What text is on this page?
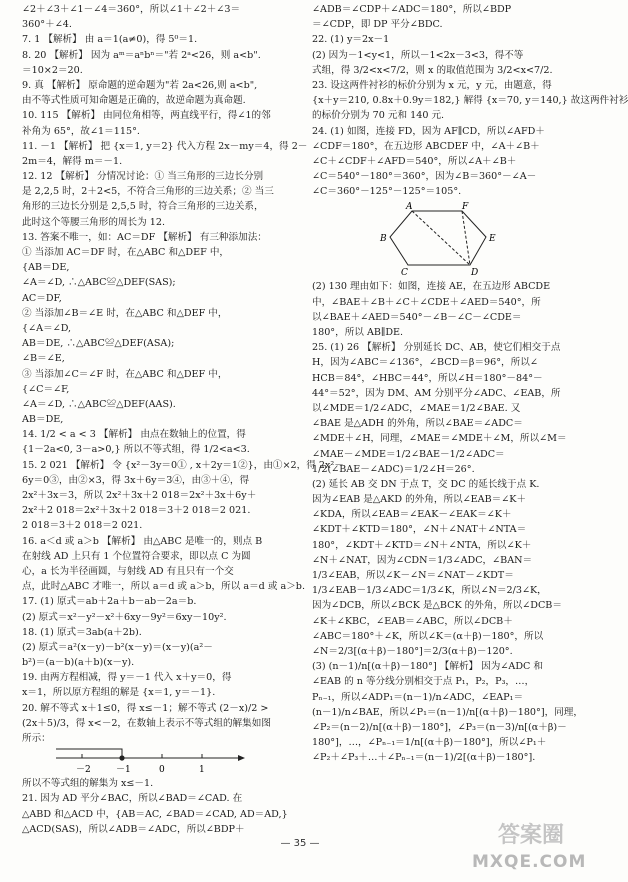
∠2＋∠3＋∠1－∠4＝360°，所以∠1＋∠2＋∠3＝
360°＋∠4.
7. 1 【解析】 由 a＝1(a≠0)，得 5⁰＝1.
8. 20 【解析】 因为 aᵐ＝aⁿbⁿ＝"若 2ᵃ<26，则 a<b".
＝10×2＝20.
9. 真 【解析】 原命题的逆命题为"若 2a<26,则 a<b",
由不等式性质可知命题是正确的，故逆命题为真命题.
10. 115 【解析】 由同位角相等，两直线平行，得∠1的邻
补角为 65°，故∠1＝115°.
11. －1 【解析】 把 {x＝1, y＝2} 代入方程 2x－my＝4，得 2－
2m＝4，解得 m＝－1.
12. 12 【解析】 分情况讨论：① 当三角形的三边长分别
是 2,2,5 时，2＋2<5，不符合三角形的三边关系；② 当三
角形的三边长分别是 2,5,5 时，符合三角形的三边关系，
此时这个等腰三角形的周长为 12.
13. 答案不唯一，如：AC＝DF 【解析】 有三种添加法：
① 当添加 AC＝DF 时，在△ABC 和△DEF 中，
{AB＝DE,
∠A＝∠D, ∴△ABC≌△DEF(SAS);
AC＝DF,
② 当添加∠B＝∠E 时，在△ABC 和△DEF 中，
{∠A＝∠D,
AB＝DE, ∴△ABC≌△DEF(ASA);
∠B＝∠E,
③ 当添加∠C＝∠F 时，在△ABC 和△DEF 中，
{∠C＝∠F,
∠A＝∠D, ∴△ABC≌△DEF(AAS).
AB＝DE,
14. 1/2 < a < 3 【解析】 由点在数轴上的位置，得
{1－2a<0, 3－a>0,} 所以不等式组，得 1/2<a<3.
15. 2 021 【解析】 令 {x²－3y＝0① , x＋2y＝1②}，由①×2，得 2x²－
6y＝0③，由②×3，得 3x＋6y＝3④，由③＋④，得
2x²＋3x＝3，所以 2x²＋3x＋2 018＝2x²＋3x＋6y＋
2x²＋2 018＝2x²＋3x＋2 018＝3＋2 018＝2 021.
2 018＝3＋2 018＝2 021.
16. a＜d 或 a＞b 【解析】 由△ABC 是唯一的，则点 B
在射线 AD 上只有 1 个位置符合要求，即以点 C 为圆
心，a 长为半径画圆，与射线 AD 有且只有一个交
点，此时△ABC 才唯一，所以 a＝d 或 a＞b，所以 a＝d 或 a＞b.
17. (1) 原式＝ab＋2a＋b－ab－2a＝b.
(2) 原式＝x²－y²－x²＋6xy－9y²＝6xy－10y².
18. (1) 原式＝3ab(a＋2b).
(2) 原式＝a²(x－y)－b²(x－y)＝(x－y)(a²－
b²)＝(a－b)(a＋b)(x－y).
19. 由两方程相减，得 y＝－1 代入 x＋y＝0，得
x＝1，所以原方程组的解是 {x＝1, y＝－1}.
20. 解不等式 x＋1≤0，得 x≤－1；解不等式 (2－x)/2 >
(2x＋5)/3，得 x<－2，在数轴上表示不等式组的解集如图
所示：
－2	－1	0	1
所以不等式组的解集为 x≤－1.
21. 因为 AD 平分∠BAC，所以∠BAD＝∠CAD. 在
△ABD 和△ACD 中，{AB＝AC, ∠BAD＝∠CAD, AD＝AD,}
△ACD(SAS)，所以∠ADB＝∠ADC，所以∠BDP＋
∠ADB＝∠CDP＋∠ADC＝180°，所以∠BDP
＝∠CDP，即 DP 平分∠BDC.
22. (1) y＝2x－1
(2) 因为－1<y<1，所以－1<2x－3<3，得不等
式组，得 3/2<x<7/2，则 x 的取值范围为 3/2<x<7/2.
23. 设这两件衬衫的标价分别为 x 元，y 元，由题意，得
{x＋y＝210, 0.8x＋0.9y＝182,} 解得 {x＝70, y＝140,} 故这两件衬衫
的标价分别为 70 元和 140 元.
24. (1) 如图，连接 FD，因为 AF∥CD，所以∠AFD＋
∠CDF＝180°，在五边形 ABCDEF 中，∠A＋∠B＋
∠C＋∠CDF＋∠AFD＝540°，所以∠A＋∠B＋
∠C＝540°－180°＝360°，因为∠B＝360°－∠A－
∠C＝360°－125°－125°＝105°.
A	F
E
D
C
B
(2) 130 理由如下：如图，连接 AE，在五边形 ABCDE
中，∠BAE＋∠B＋∠C＋∠CDE＋∠AED＝540°，所
以∠BAE＋∠AED＝540°－∠B－∠C－∠CDE＝
180°，所以 AB∥DE.
25. (1) 26 【解析】 分别延长 DC、AB，使它们相交于点
H，因为∠ABC＝∠136°，∠BCD＝β＝96°，所以∠
HCB＝84°，∠HBC＝44°，所以∠H＝180°－84°－
44°＝52°，因为 DM、AM 分别平分∠ADC、∠EAB，所
以∠MDE＝1/2∠ADC，∠MAE＝1/2∠BAE. 又
∠BAE 是△ADH 的外角，所以∠BAE＝∠ADC＝
∠MDE＋∠H，同理，∠MAE＝∠MDE＋∠M，所以∠M＝
∠MAE－∠MDE＝1/2∠BAE－1/2∠ADC＝
1/2(∠BAE－∠ADC)＝1/2∠H＝26°.
(2) 延长 AB 交 DN 于点 T，交 DC 的延长线于点 K.
因为∠EAB 是△AKD 的外角，所以∠EAB＝∠K＋
∠KDA，所以∠EAB＝∠EAK－∠EAK＝∠K＋
∠KDT＋∠KTD＝180°，∠N＋∠NAT＋∠NTA＝
180°，∠KDT＋∠KTD＝∠N＋∠NTA，所以∠K＋
∠N＋∠NAT，因为∠CDN＝1/3∠ADC，∠BAN＝
1/3∠EAB，所以∠K－∠N＝∠NAT－∠KDT＝
1/3∠EAB－1/3∠ADC＝1/3∠K，所以∠N＝2/3∠K，
因为∠DCB，所以∠BCK 是△BCK 的外角，所以∠DCB＝
∠K＋∠KBC，∠EAB＝∠ABC，所以∠DCB＋
∠ABC＝180°＋∠K，所以∠K＝(α＋β)－180°，所以
∠N＝2/3[(α＋β)－180°]＝2/3(α＋β)－120°.
(3) (n－1)/n[(α＋β)－180°] 【解析】 因为∠ADC 和
∠EAB 的 n 等分线分别相交于点 P₁，P₂，P₃，…，
Pₙ₋₁，所以∠ADP₁＝(n－1)/n∠ADC，∠EAP₁＝
(n－1)/n∠BAE，所以∠P₁＝(n－1)/n[(α＋β)－180°]，同理，
∠P₂＝(n－2)/n[(α＋β)－180°]，∠P₃＝(n－3)/n[(α＋β)－
180°]，…，∠Pₙ₋₁＝1/n[(α＋β)－180°]，所以∠P₁＋
∠P₂＋∠P₃＋…＋∠Pₙ₋₁＝(n－1)/2[(α＋β)－180°].
— 35 —	答案圈
MXQE.COM
